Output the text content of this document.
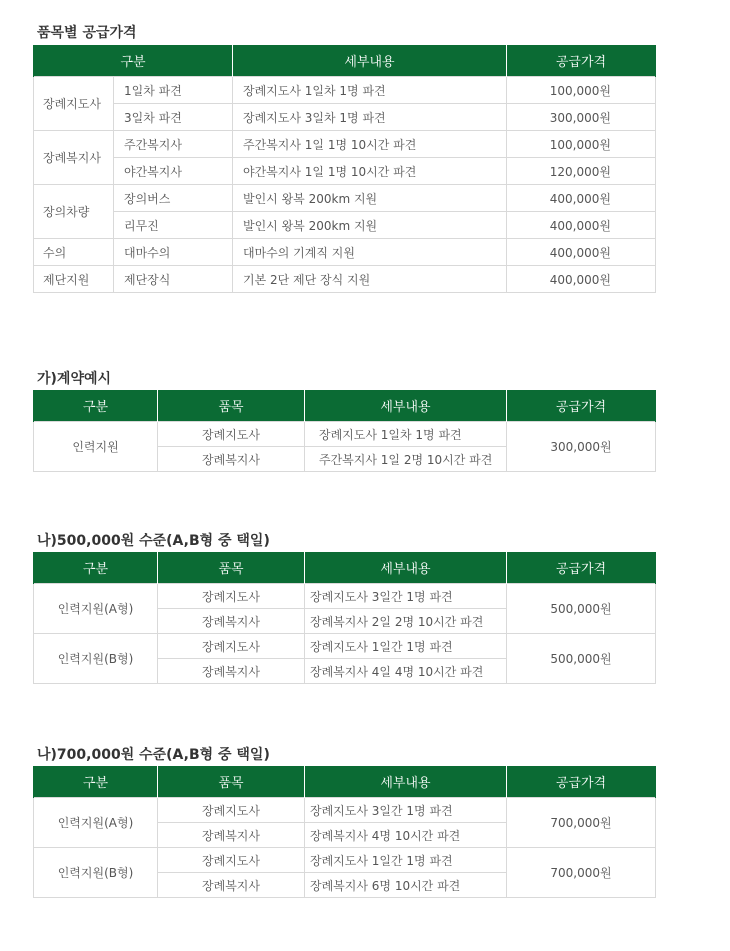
품목별 공급가격
구분		세부내용	공급가격
장례지도사	1일차 파견	장례지도사 1일차 1명 파견	100,000원
	3일차 파견	장례지도사 3일차 1명 파견	300,000원
장례복지사	주간복지사	주간복지사 1일 1명 10시간 파견	100,000원
	야간복지사	야간복지사 1일 1명 10시간 파견	120,000원
장의차량	장의버스	발인시 왕복 200km 지원	400,000원
	리무진	발인시 왕복 200km 지원	400,000원
수의	대마수의	대마수의 기계직 지원	400,000원
제단지원	제단장식	기본 2단 제단 장식 지원	400,000원
가)계약예시
구분	품목	세부내용	공급가격
인력지원	장례지도사	장례지도사 1일차 1명 파견	300,000원
	장례복지사	주간복지사 1일 2명 10시간 파견	
나)500,000원 수준(A,B형 중 택일)
구분	품목	세부내용	공급가격
인력지원(A형)	장례지도사	장례지도사 3일간 1명 파견	500,000원
	장례복지사	장례복지사 2일 2명 10시간 파견	
인력지원(B형)	장례지도사	장례지도사 1일간 1명 파견	500,000원
	장례복지사	장례복지사 4일 4명 10시간 파견	
나)700,000원 수준(A,B형 중 택일)
구분	품목	세부내용	공급가격
인력지원(A형)	장례지도사	장례지도사 3일간 1명 파견	700,000원
	장례복지사	장례복지사 4명 10시간 파견	
인력지원(B형)	장례지도사	장례지도사 1일간 1명 파견	700,000원
	장례복지사	장례복지사 6명 10시간 파견	
